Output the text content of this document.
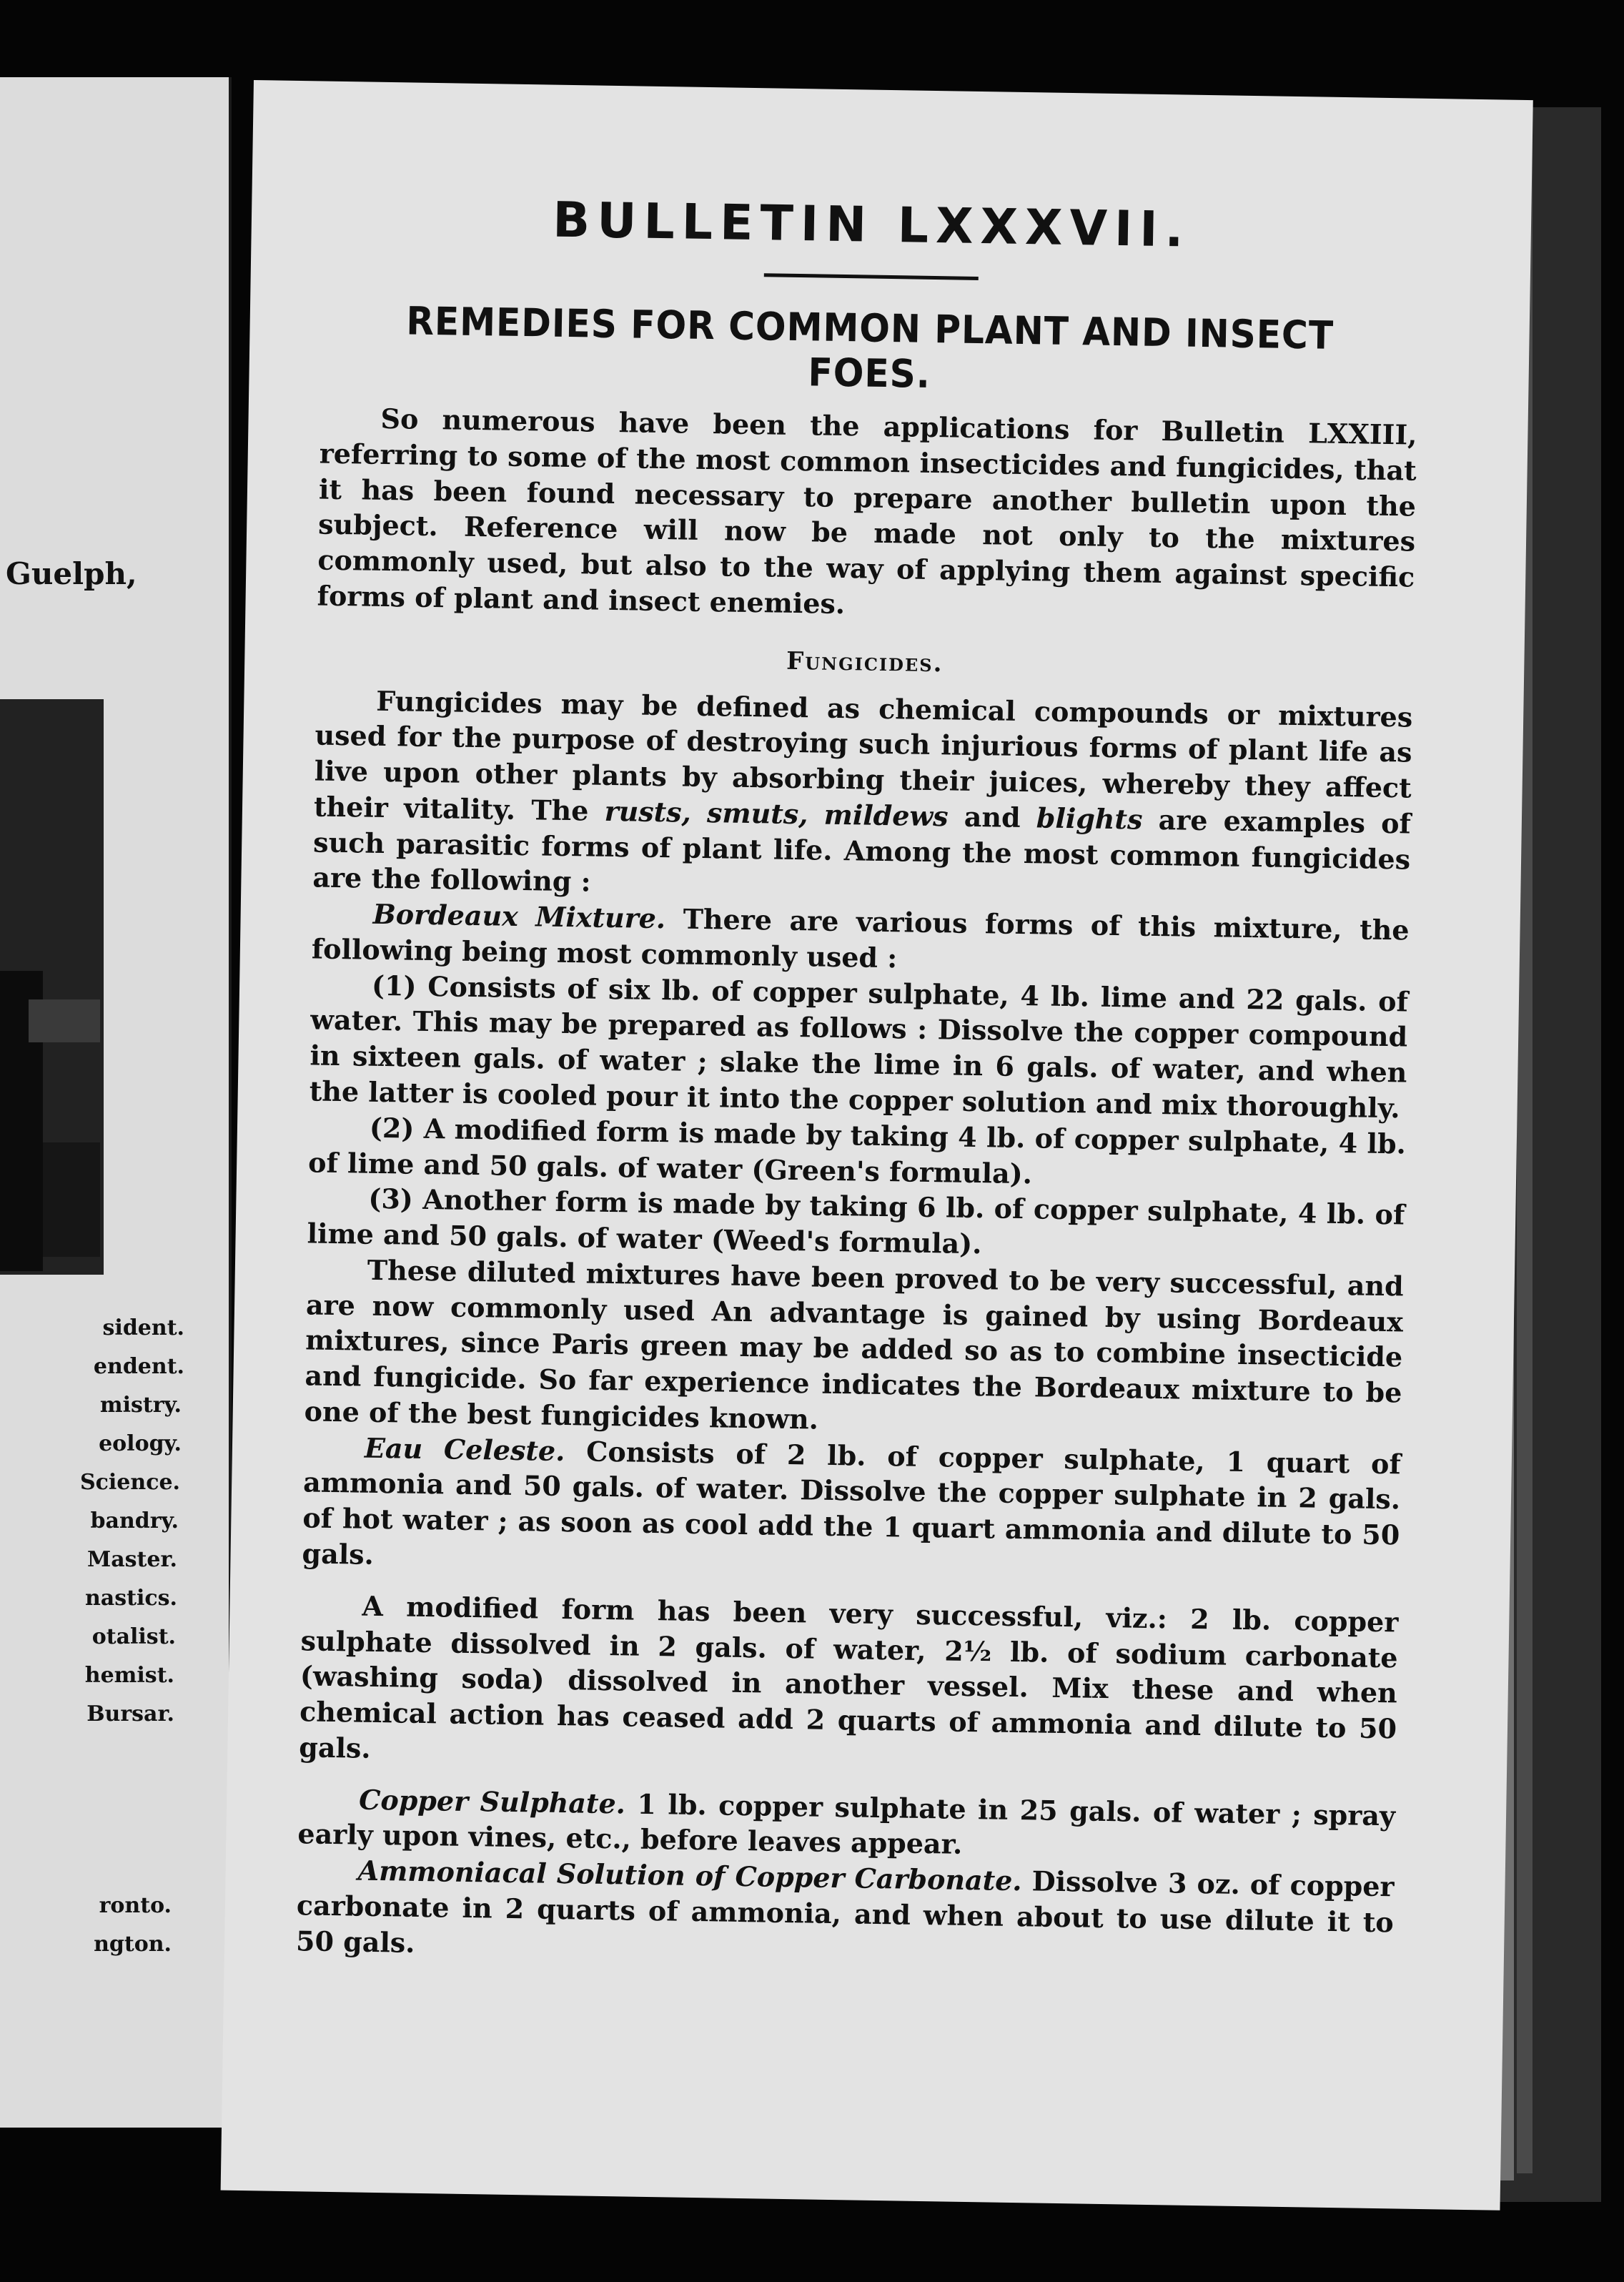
Guelph,
sident.
endent.
mistry.
eology.
Science.
bandry.
Master.
nastics.
otalist.
hemist.
Bursar.
ronto.
ngton.
BULLETIN LXXXVII.
REMEDIES FOR COMMON PLANT AND INSECT FOES.

So numerous have been the applications for Bulletin LXXIII, referring to some of the most common insecticides and fungicides, that it has been found necessary to prepare another bulletin upon the subject. Reference will now be made not only to the mixtures commonly used, but also to the way of applying them against specific forms of plant and insect enemies.

Fungicides.

Fungicides may be defined as chemical compounds or mixtures used for the purpose of destroying such injurious forms of plant life as live upon other plants by absorbing their juices, whereby they affect their vitality. The rusts, smuts, mildews and blights are examples of such parasitic forms of plant life. Among the most common fungicides are the following :

Bordeaux Mixture. There are various forms of this mixture, the following being most commonly used :

(1) Consists of six lb. of copper sulphate, 4 lb. lime and 22 gals. of water. This may be prepared as follows : Dissolve the copper compound in sixteen gals. of water ; slake the lime in 6 gals. of water, and when the latter is cooled pour it into the copper solution and mix thoroughly.

(2) A modified form is made by taking 4 lb. of copper sulphate, 4 lb. of lime and 50 gals. of water (Green's formula).

(3) Another form is made by taking 6 lb. of copper sulphate, 4 lb. of lime and 50 gals. of water (Weed's formula).

These diluted mixtures have been proved to be very successful, and are now commonly used An advantage is gained by using Bordeaux mixtures, since Paris green may be added so as to combine insecticide and fungicide. So far experience indicates the Bordeaux mixture to be one of the best fungicides known.

Eau Celeste. Consists of 2 lb. of copper sulphate, 1 quart of ammonia and 50 gals. of water. Dissolve the copper sulphate in 2 gals. of hot water ; as soon as cool add the 1 quart ammonia and dilute to 50 gals.

A modified form has been very successful, viz.: 2 lb. copper sulphate dissolved in 2 gals. of water, 2½ lb. of sodium carbonate (washing soda) dissolved in another vessel. Mix these and when chemical action has ceased add 2 quarts of ammonia and dilute to 50 gals.

Copper Sulphate. 1 lb. copper sulphate in 25 gals. of water ; spray early upon vines, etc., before leaves appear.

Ammoniacal Solution of Copper Carbonate. Dissolve 3 oz. of copper carbonate in 2 quarts of ammonia, and when about to use dilute it to 50 gals.
